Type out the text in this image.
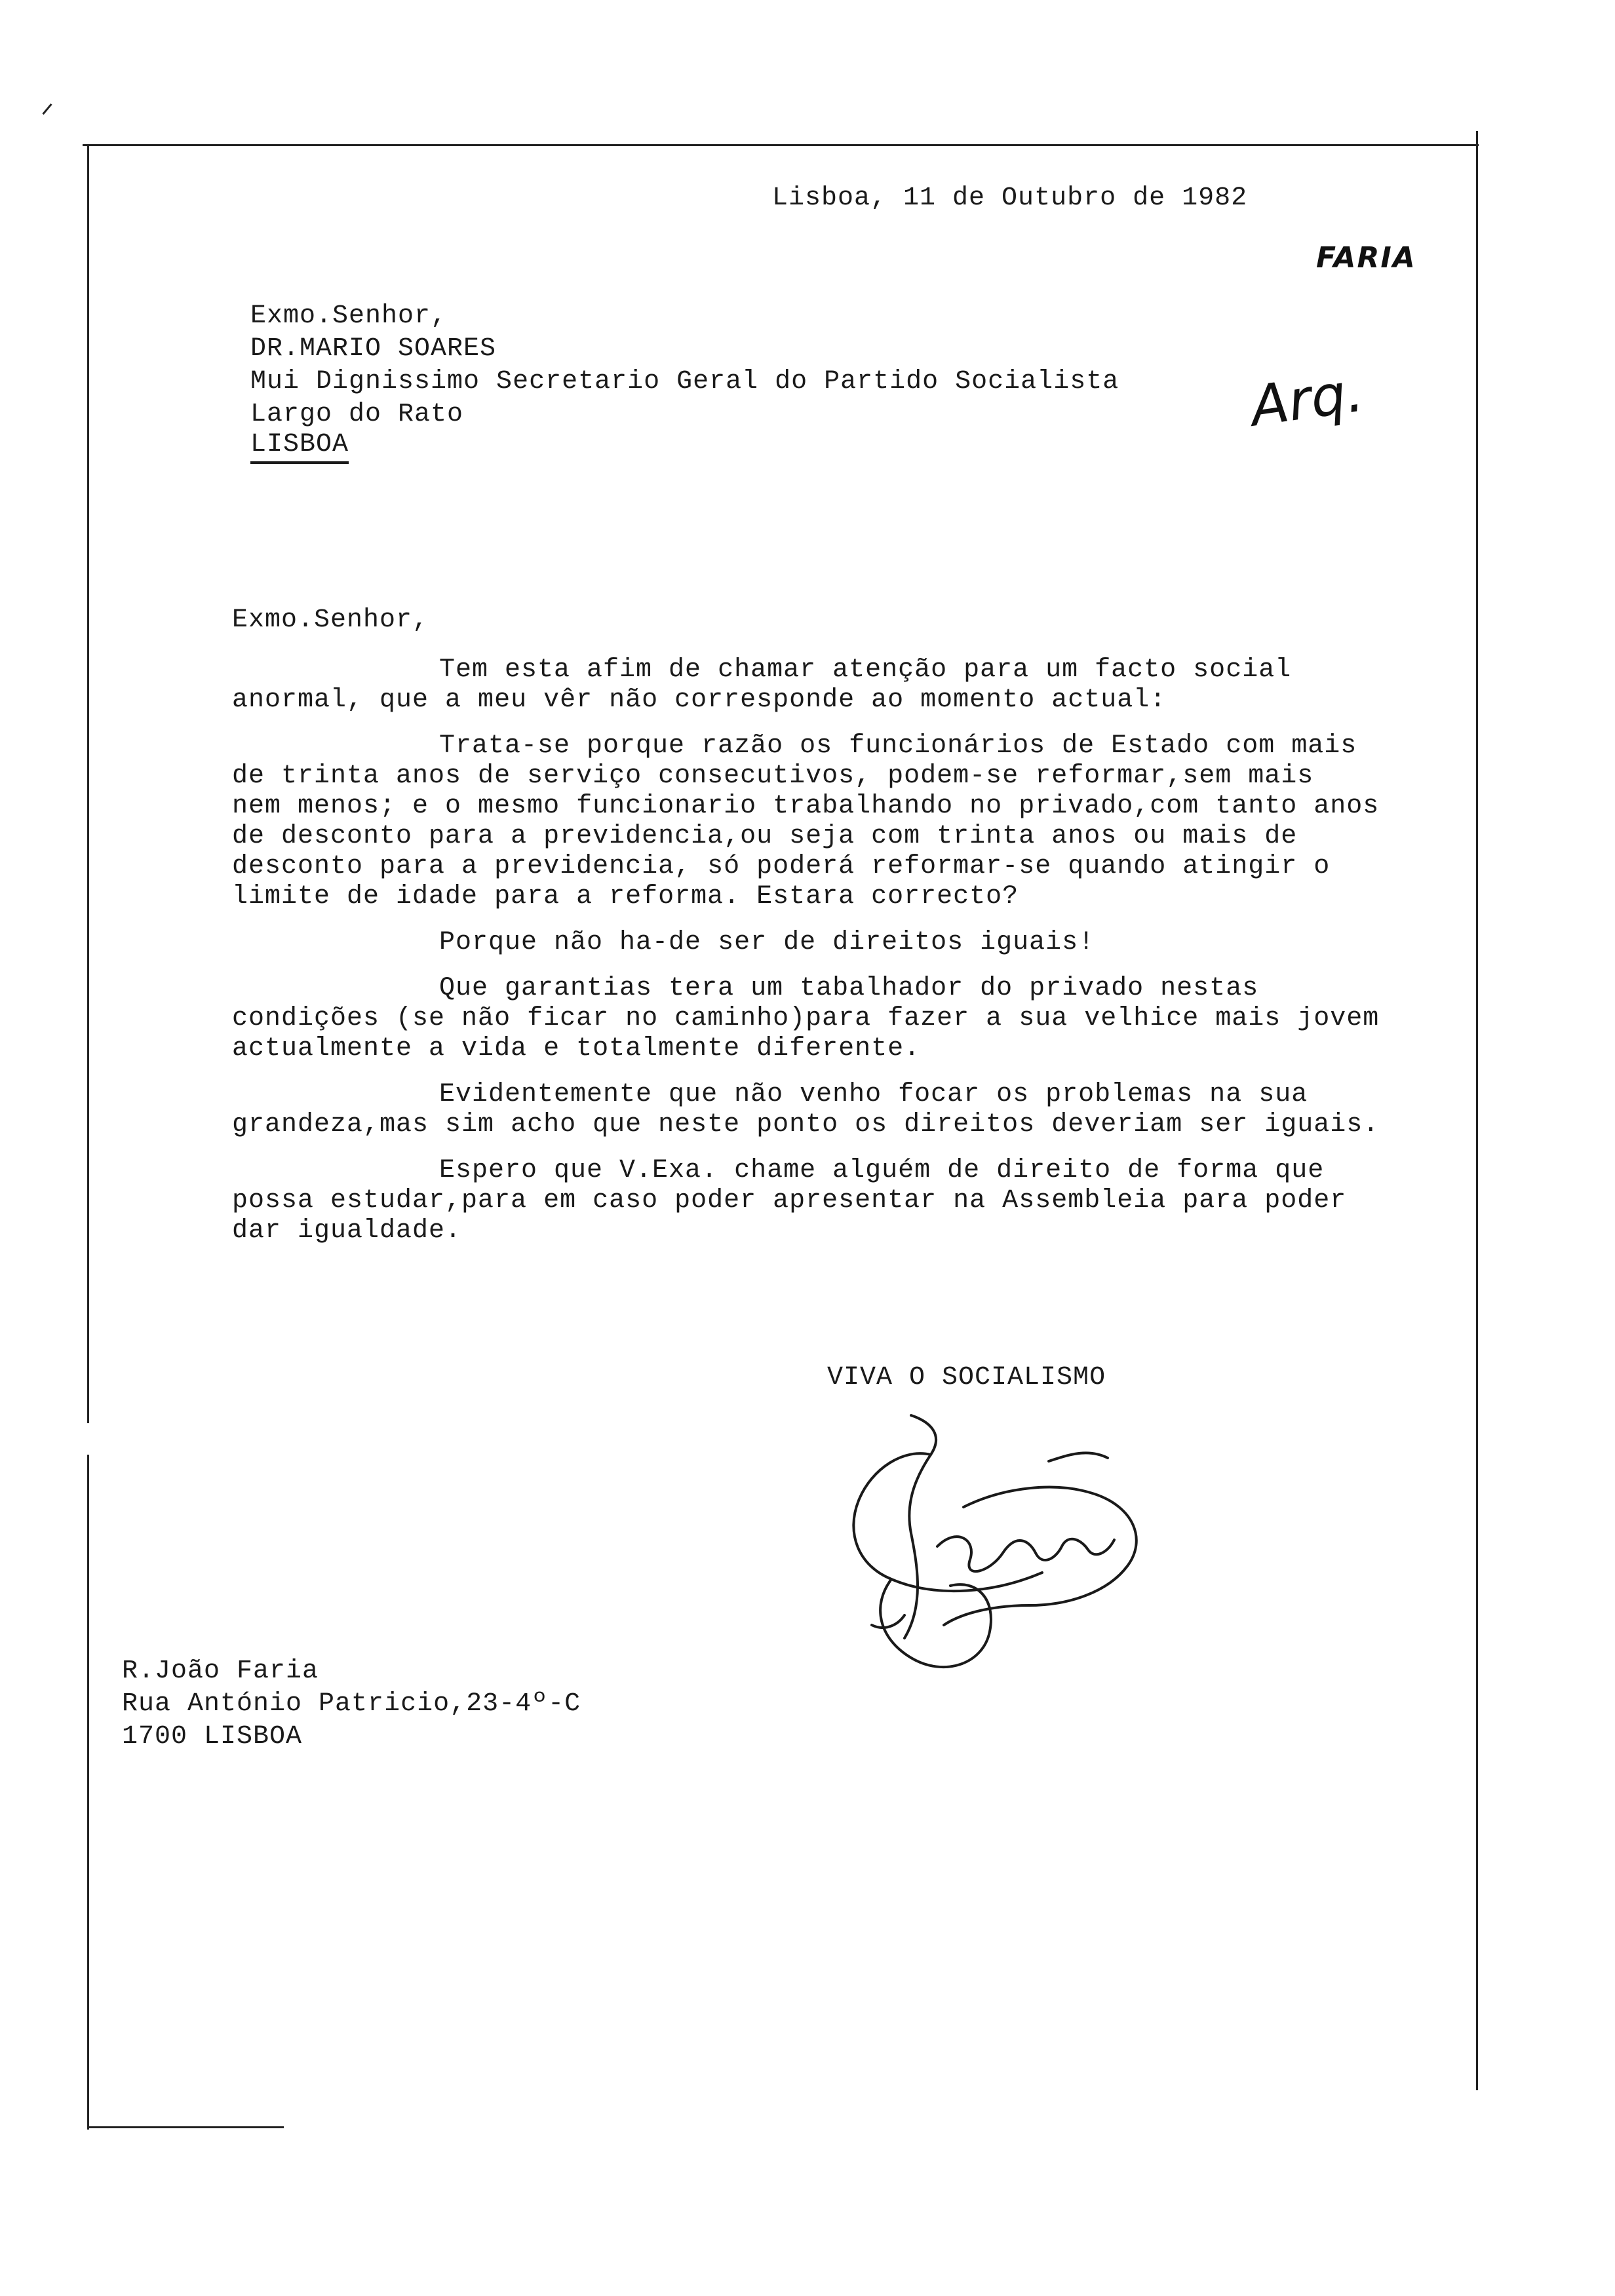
Lisboa, 11 de Outubro de 1982
FARIA
Arq.
Exmo.Senhor,
DR.MARIO SOARES
Mui Dignissimo Secretario Geral do Partido Socialista
Largo do Rato
LISBOA
Exmo.Senhor,
Tem esta afim de chamar atenção para um facto social
anormal, que a meu vêr não corresponde ao momento actual:
Trata-se porque razão os funcionários de Estado com mais
de trinta anos de serviço consecutivos, podem-se reformar,sem mais
nem menos; e o mesmo funcionario trabalhando no privado,com tanto anos
de desconto para a previdencia,ou seja com trinta anos ou mais de
desconto para a previdencia, só poderá reformar-se quando atingir o
limite de idade para a reforma. Estara correcto?
Porque não ha-de ser de direitos iguais!
Que garantias tera um tabalhador do privado nestas
condições (se não ficar no caminho)para fazer a sua velhice mais jovem
actualmente a vida e totalmente diferente.
Evidentemente que não venho focar os problemas na sua
grandeza,mas sim acho que neste ponto os direitos deveriam ser iguais.
Espero que V.Exa. chame alguém de direito de forma que
possa estudar,para em caso poder apresentar na Assembleia para poder
dar igualdade.
VIVA O SOCIALISMO
R.João Faria
Rua António Patricio,23-4º-C
1700 LISBOA
